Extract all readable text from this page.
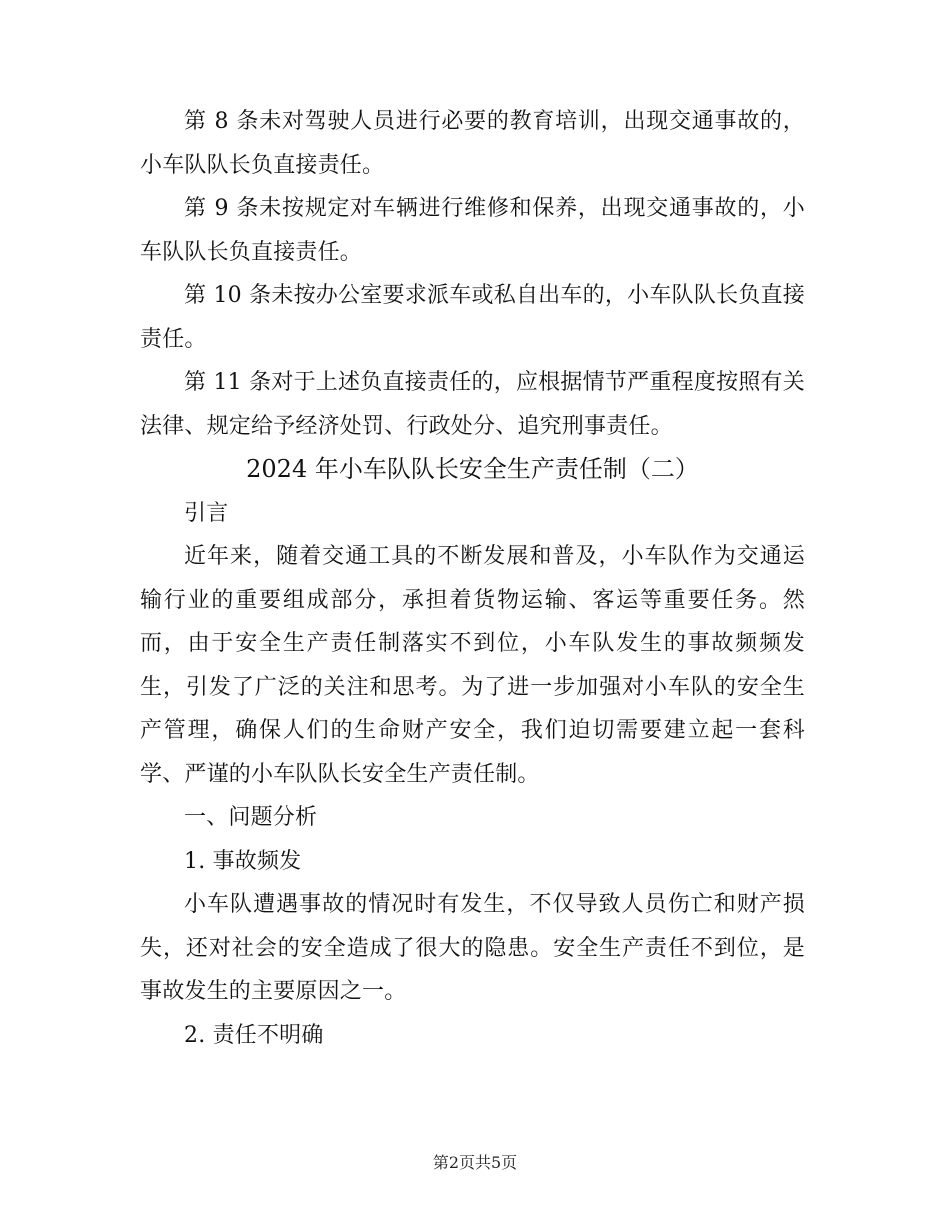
第 8 条未对驾驶人员进行必要的教育培训，出现交通事故的，小车队队长负直接责任。

第 9 条未按规定对车辆进行维修和保养，出现交通事故的，小车队队长负直接责任。

第 10 条未按办公室要求派车或私自出车的，小车队队长负直接责任。

第 11 条对于上述负直接责任的，应根据情节严重程度按照有关法律、规定给予经济处罚、行政处分、追究刑事责任。

2024 年小车队队长安全生产责任制（二）

引言

近年来，随着交通工具的不断发展和普及，小车队作为交通运输行业的重要组成部分，承担着货物运输、客运等重要任务。然而，由于安全生产责任制落实不到位，小车队发生的事故频频发生，引发了广泛的关注和思考。为了进一步加强对小车队的安全生产管理，确保人们的生命财产安全，我们迫切需要建立起一套科学、严谨的小车队队长安全生产责任制。

一、问题分析

1. 事故频发

小车队遭遇事故的情况时有发生，不仅导致人员伤亡和财产损失，还对社会的安全造成了很大的隐患。安全生产责任不到位，是事故发生的主要原因之一。

2. 责任不明确

第2页共5页
